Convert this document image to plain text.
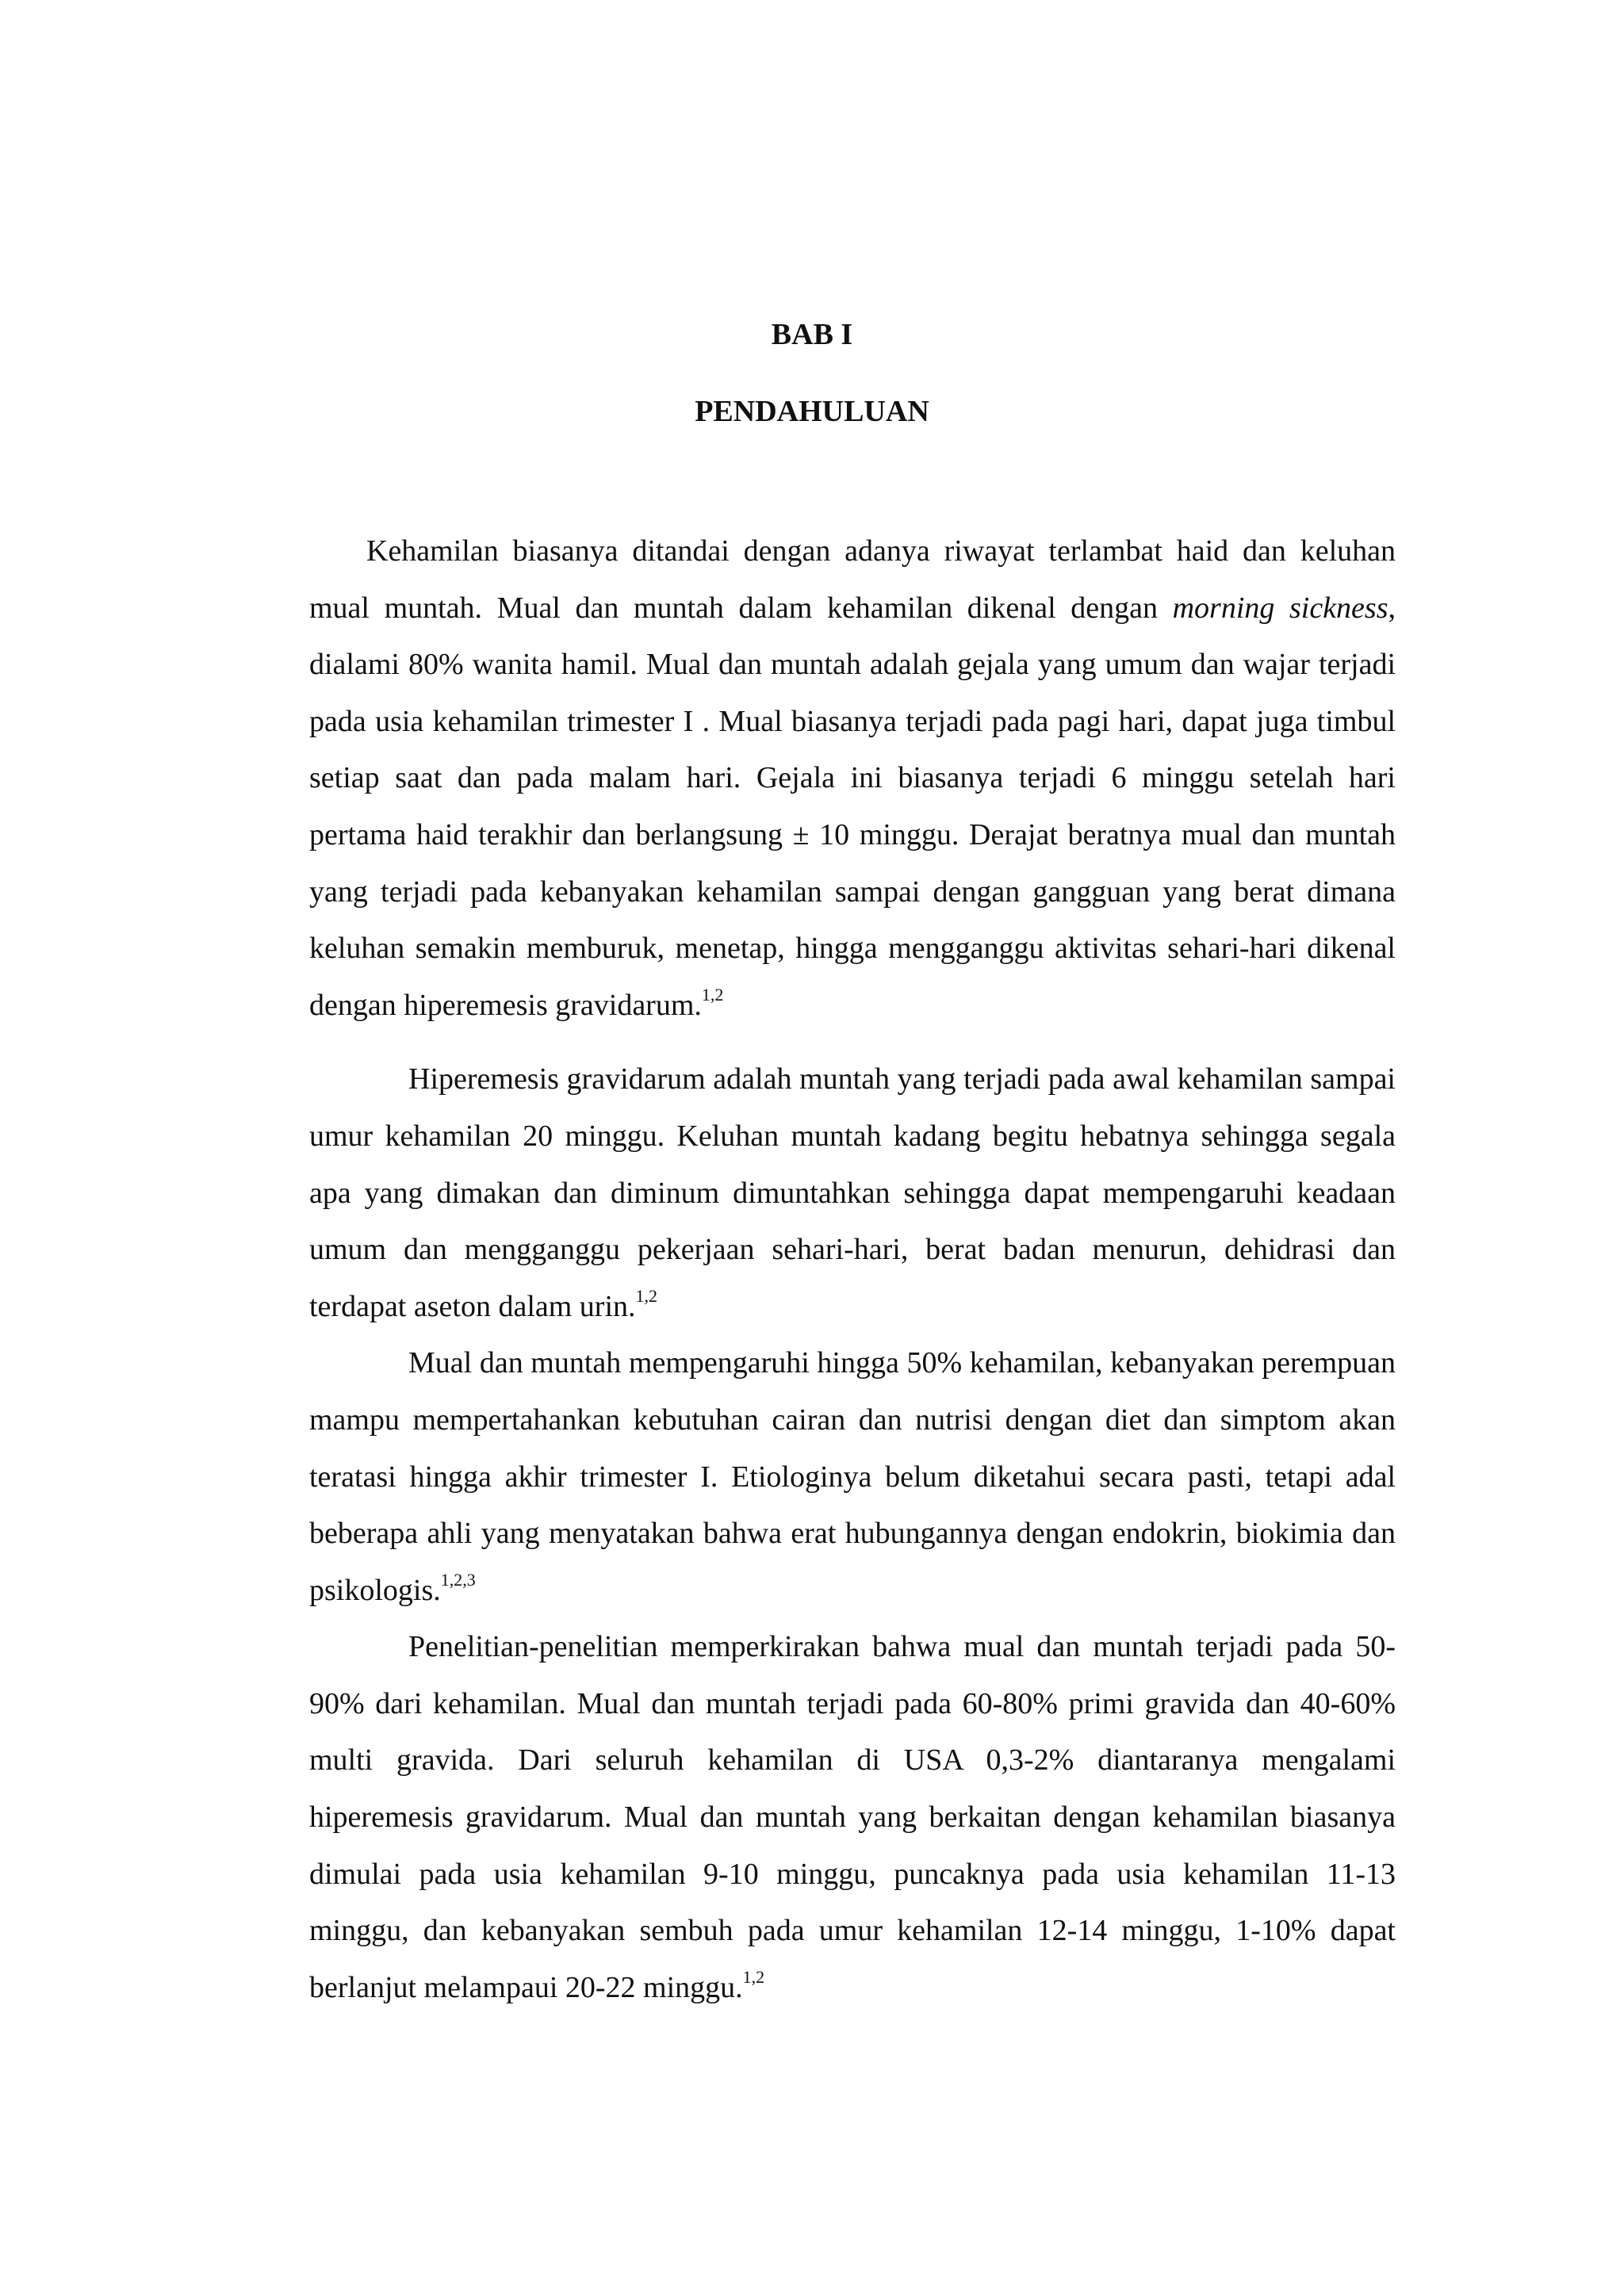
BAB I
PENDAHULUAN

Kehamilan biasanya ditandai dengan adanya riwayat terlambat haid dan keluhan mual muntah. Mual dan muntah dalam kehamilan dikenal dengan morning sickness, dialami 80% wanita hamil. Mual dan muntah adalah gejala yang umum dan wajar terjadi pada usia kehamilan trimester I . Mual biasanya terjadi pada pagi hari, dapat juga timbul setiap saat dan pada malam hari. Gejala ini biasanya terjadi 6 minggu setelah hari pertama haid terakhir dan berlangsung ± 10 minggu. Derajat beratnya mual dan muntah yang terjadi pada kebanyakan kehamilan sampai dengan gangguan yang berat dimana keluhan semakin memburuk, menetap, hingga mengganggu aktivitas sehari-hari dikenal dengan hiperemesis gravidarum.$^{1,2}$

Hiperemesis gravidarum adalah muntah yang terjadi pada awal kehamilan sampai umur kehamilan 20 minggu. Keluhan muntah kadang begitu hebatnya sehingga segala apa yang dimakan dan diminum dimuntahkan sehingga dapat mempengaruhi keadaan umum dan mengganggu pekerjaan sehari-hari, berat badan menurun, dehidrasi dan terdapat aseton dalam urin.$^{1,2}$

Mual dan muntah mempengaruhi hingga 50% kehamilan, kebanyakan perempuan mampu mempertahankan kebutuhan cairan dan nutrisi dengan diet dan simptom akan teratasi hingga akhir trimester I. Etiologinya belum diketahui secara pasti, tetapi adal beberapa ahli yang menyatakan bahwa erat hubungannya dengan endokrin, biokimia dan psikologis.$^{1,2,3}$

Penelitian-penelitian memperkirakan bahwa mual dan muntah terjadi pada 50-90% dari kehamilan. Mual dan muntah terjadi pada 60-80% primi gravida dan 40-60% multi gravida. Dari seluruh kehamilan di USA 0,3-2% diantaranya mengalami hiperemesis gravidarum. Mual dan muntah yang berkaitan dengan kehamilan biasanya dimulai pada usia kehamilan 9-10 minggu, puncaknya pada usia kehamilan 11-13 minggu, dan kebanyakan sembuh pada umur kehamilan 12-14 minggu, 1-10% dapat berlanjut melampaui 20-22 minggu.$^{1,2}$
